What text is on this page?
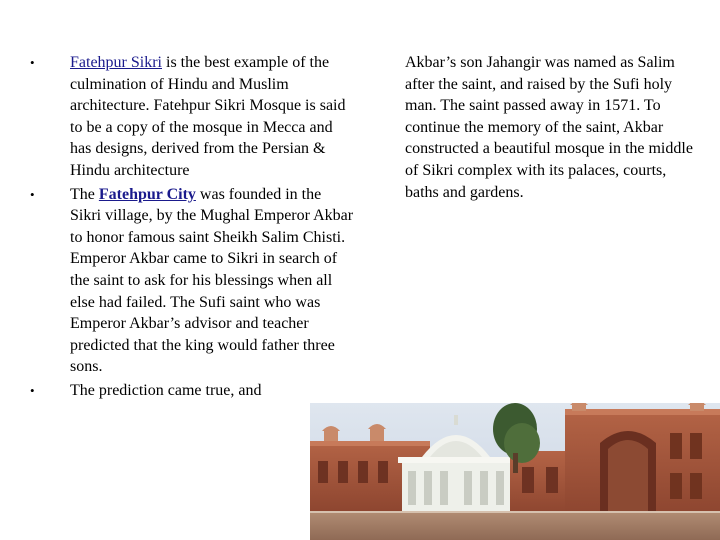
• Fatehpur Sikri is the best example of the culmination of Hindu and Muslim architecture. Fatehpur Sikri Mosque is said to be a copy of the mosque in Mecca and has designs, derived from the Persian & Hindu architecture
• The Fatehpur City was founded in the Sikri village, by the Mughal Emperor Akbar to honor famous saint Sheikh Salim Chisti. Emperor Akbar came to Sikri in search of the saint to ask for his blessings when all else had failed. The Sufi saint who was Emperor Akbar’s advisor and teacher predicted that the king would father three sons.
• The prediction came true, and
Akbar’s son Jahangir was named as Salim after the saint, and raised by the Sufi holy man. The saint passed away in 1571. To continue the memory of the saint, Akbar constructed a beautiful mosque in the middle of Sikri complex with its palaces, courts, baths and gardens.
